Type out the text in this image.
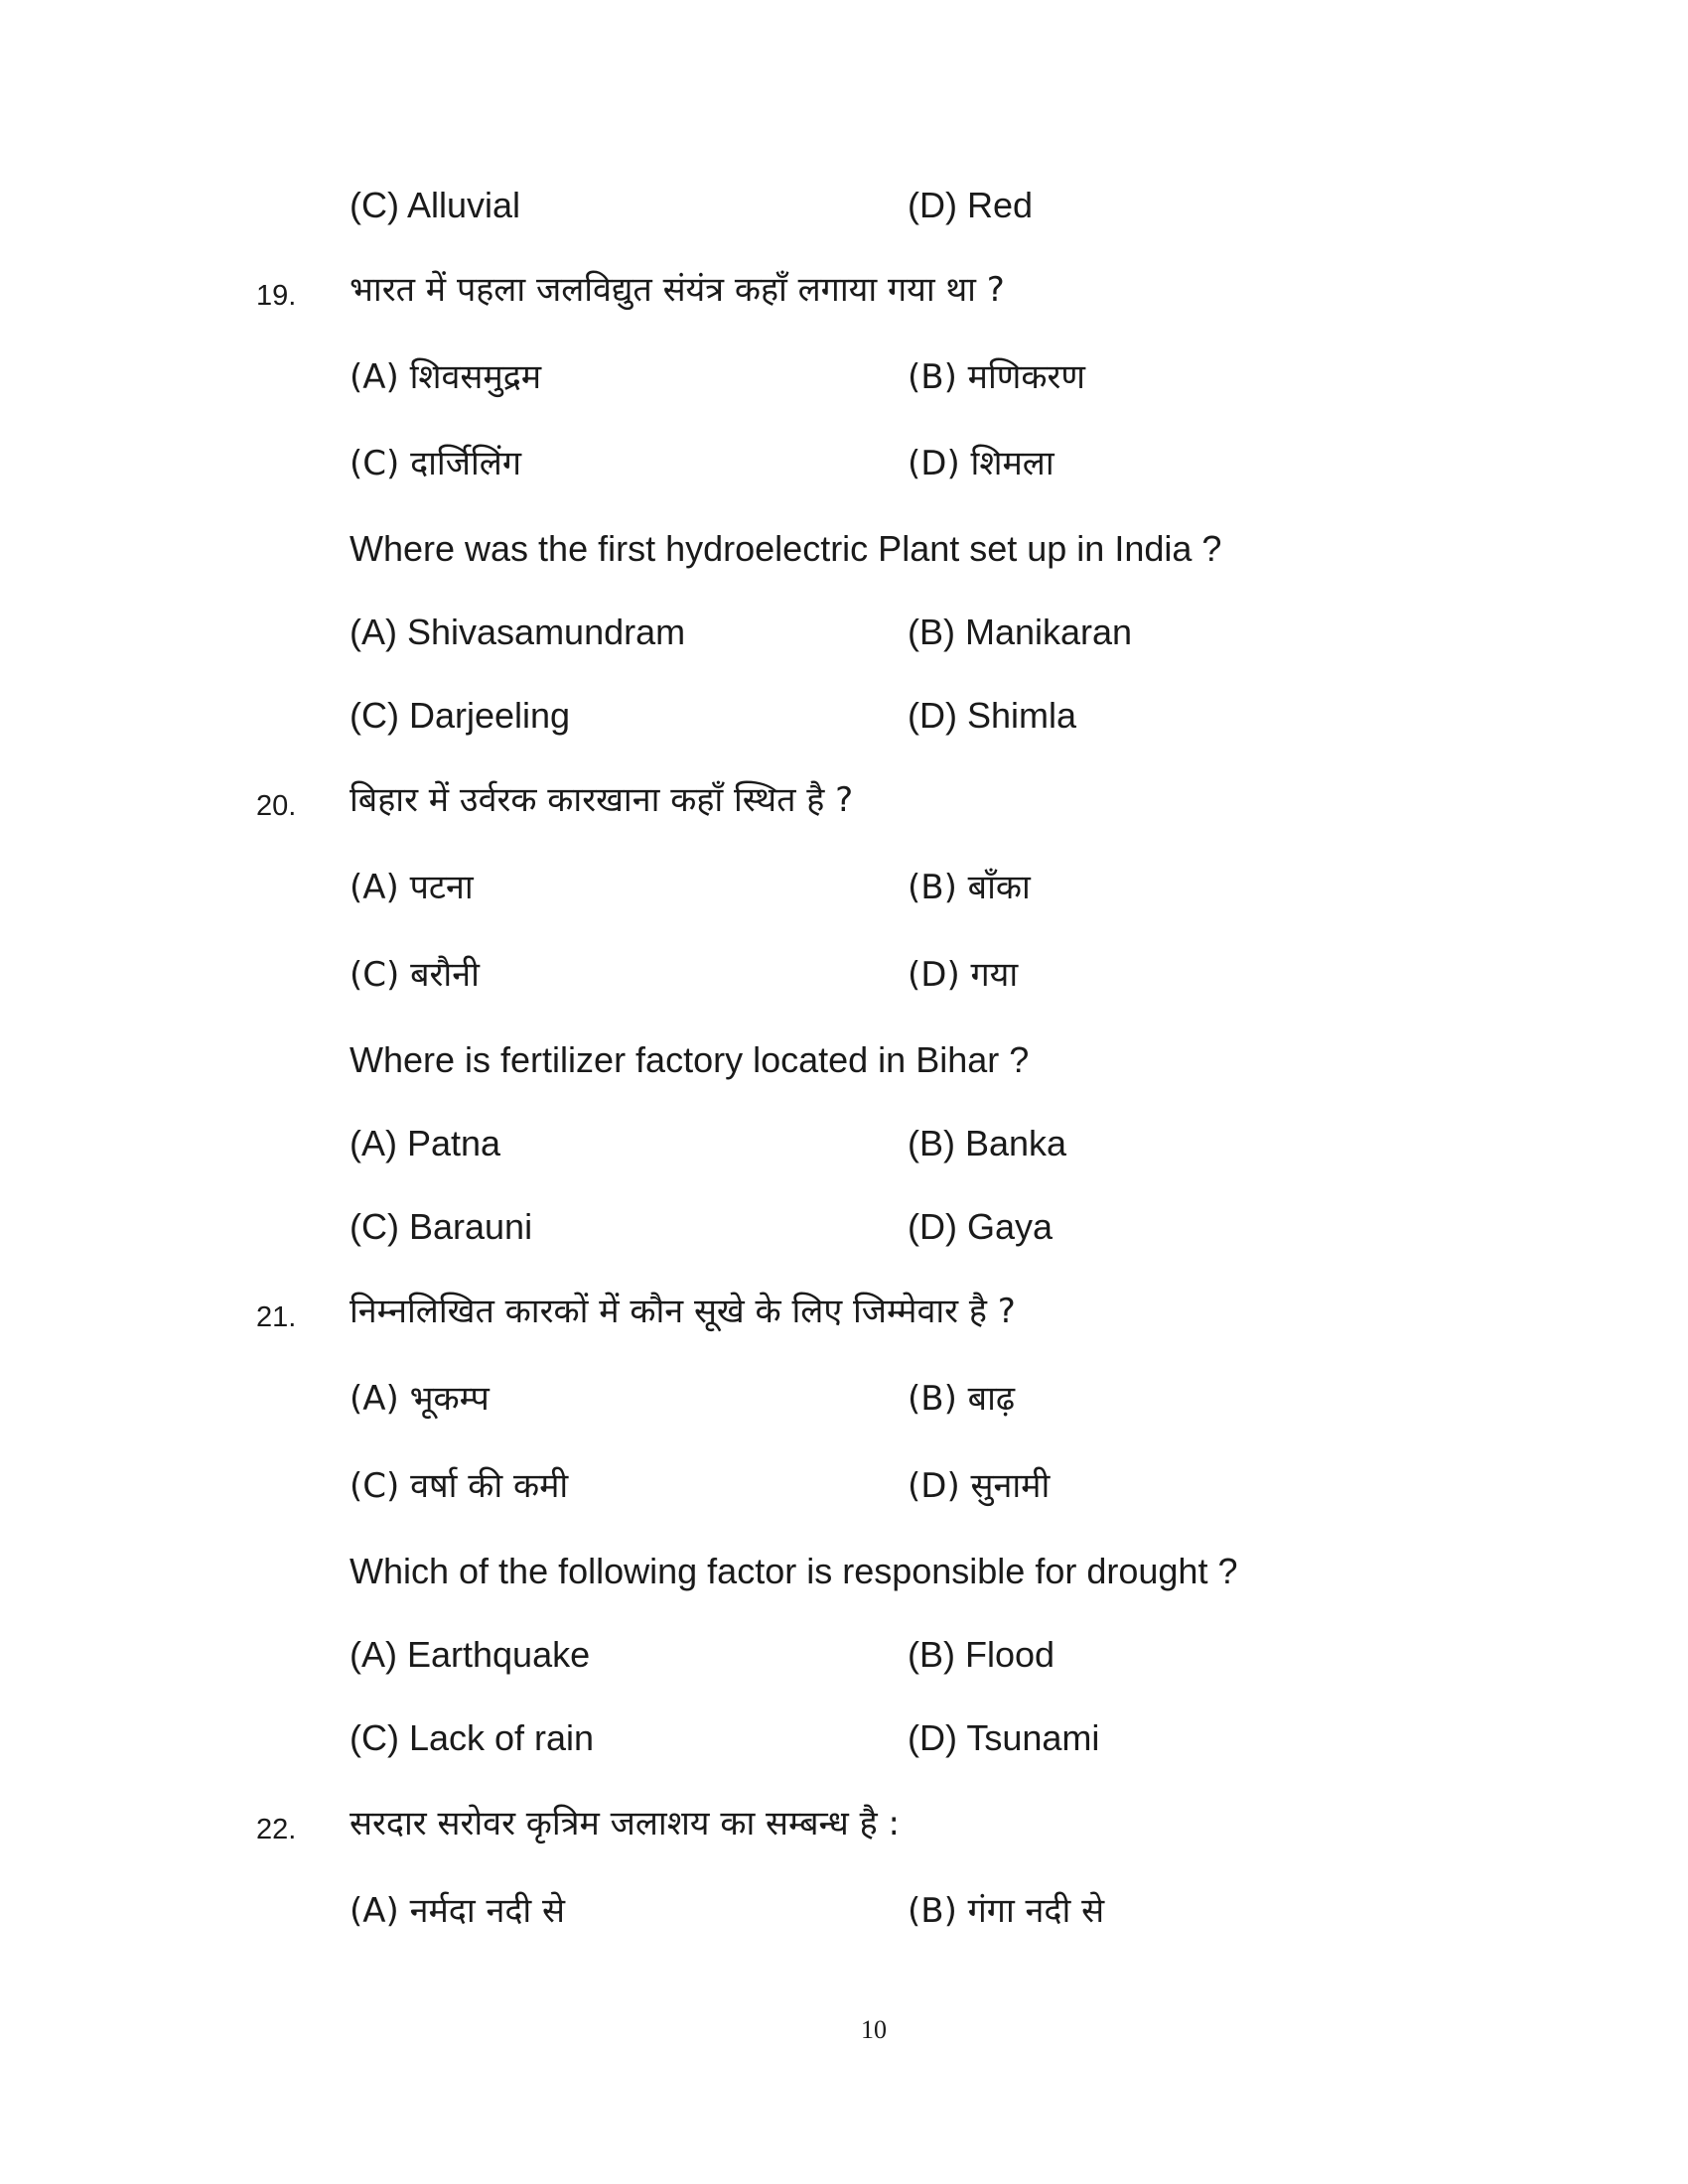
(C) Alluvial	(D) Red
19. भारत में पहला जलविद्युत संयंत्र कहाँ लगाया गया था ?
(A) शिवसमुद्रम	(B) मणिकरण
(C) दार्जिलिंग	(D) शिमला
Where was the first hydroelectric Plant set up in India ?
(A) Shivasamundram	(B) Manikaran
(C) Darjeeling	(D) Shimla
20. बिहार में उर्वरक कारखाना कहाँ स्थित है ?
(A) पटना	(B) बाँका
(C) बरौनी	(D) गया
Where is fertilizer factory located in Bihar ?
(A) Patna	(B) Banka
(C) Barauni	(D) Gaya
21. निम्नलिखित कारकों में कौन सूखे के लिए जिम्मेवार है ?
(A) भूकम्प	(B) बाढ़
(C) वर्षा की कमी	(D) सुनामी
Which of the following factor is responsible for drought ?
(A) Earthquake	(B) Flood
(C) Lack of rain	(D) Tsunami
22. सरदार सरोवर कृत्रिम जलाशय का सम्बन्ध है :
(A) नर्मदा नदी से	(B) गंगा नदी से
10
